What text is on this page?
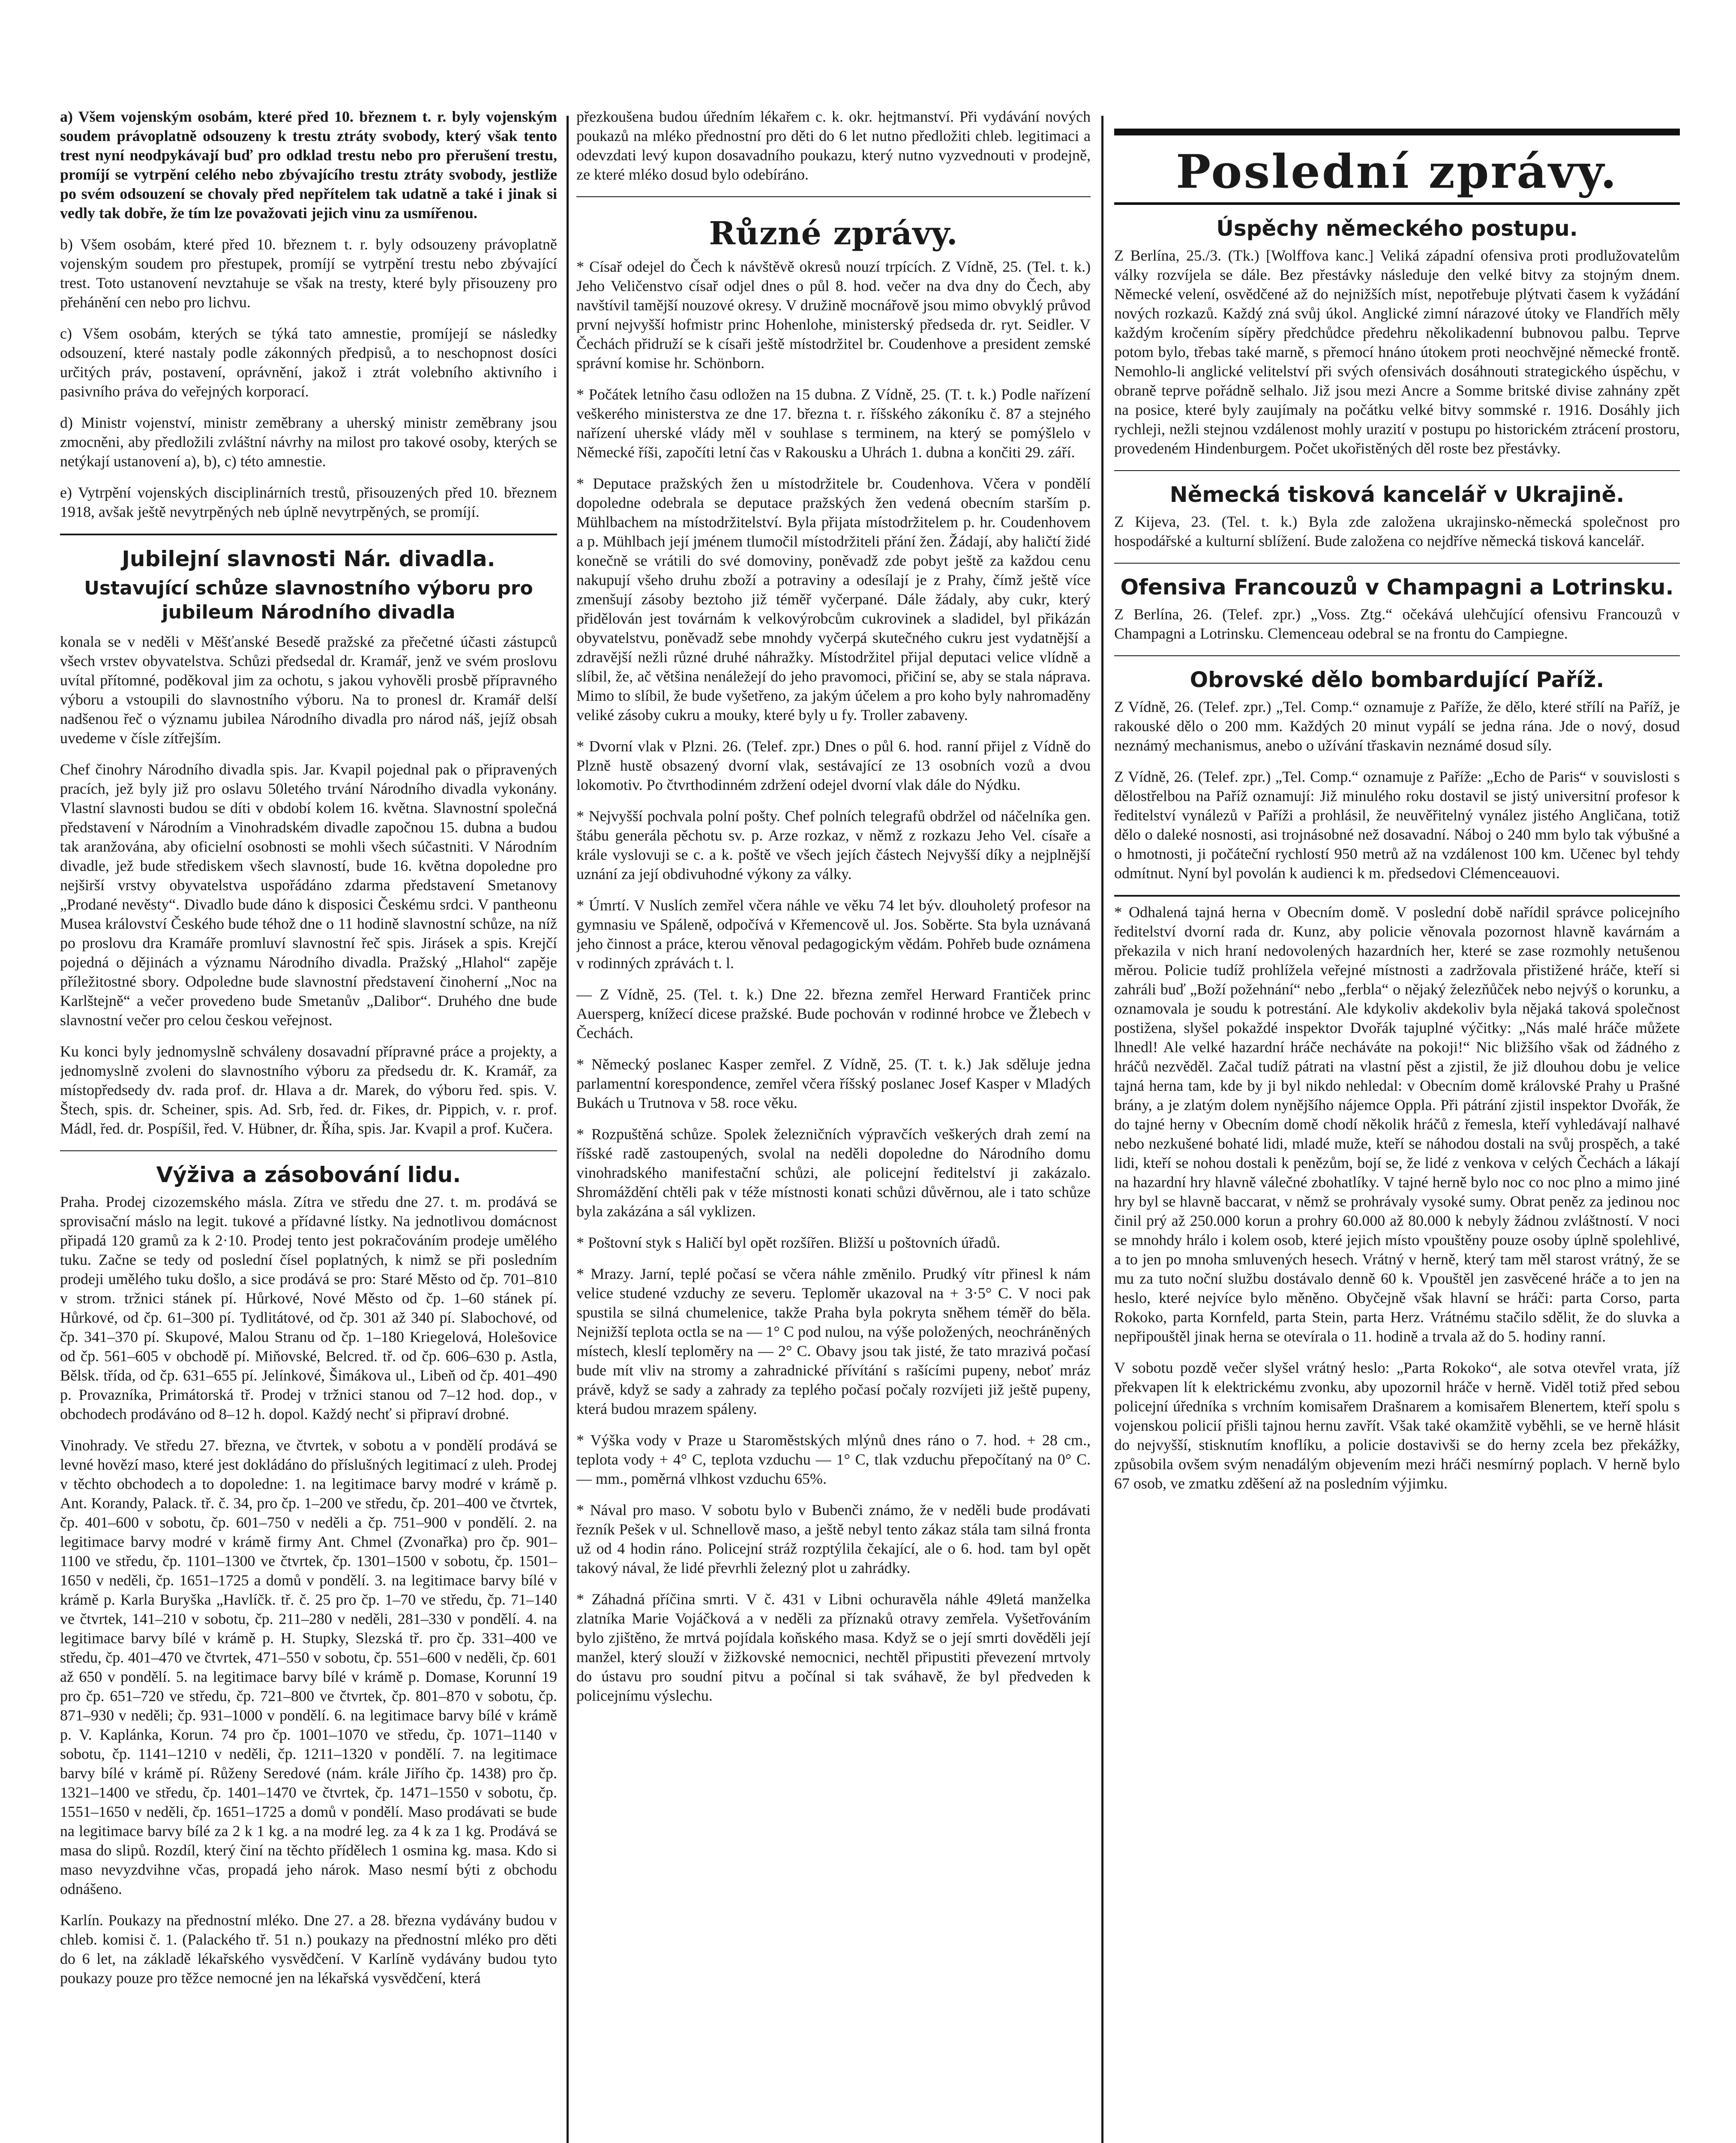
a) Všem vojenským osobám, které před 10. březnem t. r. byly vojenským soudem právoplatně odsouzeny k trestu ztráty svobody, který však tento trest nyní neodpykávají buď pro odklad trestu nebo pro přerušení trestu, promíjí se vytrpění celého nebo zbývajícího trestu ztráty svobody, jestliže po svém odsouzení se chovaly před nepřítelem tak udatně a také i jinak si vedly tak dobře, že tím lze považovati jejich vinu za usmířenou.

b) Všem osobám, které před 10. březnem t. r. byly odsouzeny právoplatně vojenským soudem pro přestupek, promíjí se vytrpění trestu nebo zbývající trest. Toto ustanovení nevztahuje se však na tresty, které byly přisouzeny pro přehánění cen nebo pro lichvu.

c) Všem osobám, kterých se týká tato amnestie, promíjejí se následky odsouzení, které nastaly podle zákonných předpisů, a to neschopnost dosíci určitých práv, postavení, oprávnění, jakož i ztrát volebního aktivního i pasivního práva do veřejných korporací.

d) Ministr vojenství, ministr zeměbrany a uherský ministr zeměbrany jsou zmocněni, aby předložili zvláštní návrhy na milost pro takové osoby, kterých se netýkají ustanovení a), b), c) této amnestie.

e) Vytrpění vojenských disciplinárních trestů, přisouzených před 10. březnem 1918, avšak ještě nevytrpěných neb úplně nevytrpěných, se promíjí.

Jubilejní slavnosti Nár. divadla.
Ustavující schůze slavnostního výboru pro jubileum Národního divadla

konala se v neděli v Měšťanské Besedě pražské za přečetné účasti zástupců všech vrstev obyvatelstva. Schůzi předsedal dr. Kramář, jenž ve svém proslovu uvítal přítomné, poděkoval jim za ochotu, s jakou vyhověli prosbě přípravného výboru a vstoupili do slavnostního výboru. Na to pronesl dr. Kramář delší nadšenou řeč o významu jubilea Národního divadla pro národ náš, jejíž obsah uvedeme v čísle zítřejším.

Chef činohry Národního divadla spis. Jar. Kvapil pojednal pak o připravených pracích, jež byly již pro oslavu 50letého trvání Národního divadla vykonány. Vlastní slavnosti budou se díti v období kolem 16. května. Slavnostní společná představení v Národním a Vinohradském divadle započnou 15. dubna a budou tak aranžována, aby oficielní osobnosti se mohli všech súčastniti. V Národním divadle, jež bude střediskem všech slavností, bude 16. května dopoledne pro nejširší vrstvy obyvatelstva uspořádáno zdarma představení Smetanovy „Prodané nevěsty“. Divadlo bude dáno k disposici Českému srdci. V pantheonu Musea království Českého bude téhož dne o 11 hodině slavnostní schůze, na níž po proslovu dra Kramáře promluví slavnostní řeč spis. Jirásek a spis. Krejčí pojedná o dějinách a významu Národního divadla. Pražský „Hlahol“ zapěje příležitostné sbory. Odpoledne bude slavnostní představení činoherní „Noc na Karlštejně“ a večer provedeno bude Smetanův „Dalibor“. Druhého dne bude slavnostní večer pro celou českou veřejnost.

Ku konci byly jednomyslně schváleny dosavadní přípravné práce a projekty, a jednomyslně zvoleni do slavnostního výboru za předsedu dr. K. Kramář, za místopředsedy dv. rada prof. dr. Hlava a dr. Marek, do výboru řed. spis. V. Štech, spis. dr. Scheiner, spis. Ad. Srb, řed. dr. Fikes, dr. Pippich, v. r. prof. Mádl, řed. dr. Pospíšil, řed. V. Hübner, dr. Říha, spis. Jar. Kvapil a prof. Kučera.

Výživa a zásobování lidu.

Praha. Prodej cizozemského másla. Zítra ve středu dne 27. t. m. prodává se sprovisační máslo na legit. tukové a přídavné lístky. Na jednotlivou domácnost připadá 120 gramů za k 2·10. Prodej tento jest pokračováním prodeje umělého tuku. Začne se tedy od poslední čísel poplatných, k nimž se při posledním prodeji umělého tuku došlo, a sice prodává se pro: Staré Město od čp. 701–810 v strom. tržnici stánek pí. Hůrkové, Nové Město od čp. 1–60 stánek pí. Hůrkové, od čp. 61–300 pí. Tydlitátové, od čp. 301 až 340 pí. Slabochové, od čp. 341–370 pí. Skupové, Malou Stranu od čp. 1–180 Kriegelová, Holešovice od čp. 561–605 v obchodě pí. Miňovské, Belcred. tř. od čp. 606–630 p. Astla, Bělsk. třída, od čp. 631–655 pí. Jelínkové, Šimákova ul., Libeň od čp. 401–490 p. Provazníka, Primátorská tř. Prodej v tržnici stanou od 7–12 hod. dop., v obchodech prodáváno od 8–12 h. dopol. Každý nechť si připraví drobné.

Vinohrady. Ve středu 27. března, ve čtvrtek, v sobotu a v pondělí prodává se levné hovězí maso, které jest dokládáno do příslušných legitimací z uleh. Prodej v těchto obchodech a to dopoledne: 1. na legitimace barvy modré v krámě p. Ant. Korandy, Palack. tř. č. 34, pro čp. 1–200 ve středu, čp. 201–400 ve čtvrtek, čp. 401–600 v sobotu, čp. 601–750 v neděli a čp. 751–900 v pondělí. 2. na legitimace barvy modré v krámě firmy Ant. Chmel (Zvonařka) pro čp. 901–1100 ve středu, čp. 1101–1300 ve čtvrtek, čp. 1301–1500 v sobotu, čp. 1501–1650 v neděli, čp. 1651–1725 a domů v pondělí. 3. na legitimace barvy bílé v krámě p. Karla Buryška „Havlíčk. tř. č. 25 pro čp. 1–70 ve středu, čp. 71–140 ve čtvrtek, 141–210 v sobotu, čp. 211–280 v neděli, 281–330 v pondělí. 4. na legitimace barvy bílé v krámě p. H. Stupky, Slezská tř. pro čp. 331–400 ve středu, čp. 401–470 ve čtvrtek, 471–550 v sobotu, čp. 551–600 v neděli, čp. 601 až 650 v pondělí. 5. na legitimace barvy bílé v krámě p. Domase, Korunní 19 pro čp. 651–720 ve středu, čp. 721–800 ve čtvrtek, čp. 801–870 v sobotu, čp. 871–930 v neděli; čp. 931–1000 v pondělí. 6. na legitimace barvy bílé v krámě p. V. Kaplánka, Korun. 74 pro čp. 1001–1070 ve středu, čp. 1071–1140 v sobotu, čp. 1141–1210 v neděli, čp. 1211–1320 v pondělí. 7. na legitimace barvy bílé v krámě pí. Růženy Seredové (nám. krále Jiřího čp. 1438) pro čp. 1321–1400 ve středu, čp. 1401–1470 ve čtvrtek, čp. 1471–1550 v sobotu, čp. 1551–1650 v neděli, čp. 1651–1725 a domů v pondělí. Maso prodávati se bude na legitimace barvy bílé za 2 k 1 kg. a na modré leg. za 4 k za 1 kg. Prodává se masa do slipů. Rozdíl, který činí na těchto přídělech 1 osmina kg. masa. Kdo si maso nevyzdvihne včas, propadá jeho nárok. Maso nesmí býti z obchodu odnášeno.

Karlín. Poukazy na přednostní mléko. Dne 27. a 28. března vydávány budou v chleb. komisi č. 1. (Palackého tř. 51 n.) poukazy na přednostní mléko pro děti do 6 let, na základě lékařského vysvědčení. V Karlíně vydávány budou tyto poukazy pouze pro těžce nemocné jen na lékařská vysvědčení, která

přezkoušena budou úředním lékařem c. k. okr. hejtmanství. Při vydávání nových poukazů na mléko přednostní pro děti do 6 let nutno předložiti chleb. legitimaci a odevzdati levý kupon dosavadního poukazu, který nutno vyzvednouti v prodejně, ze které mléko dosud bylo odebíráno.

Různé zprávy.

* Císař odejel do Čech k návštěvě okresů nouzí trpících. Z Vídně, 25. (Tel. t. k.) Jeho Veličenstvo císař odjel dnes o půl 8. hod. večer na dva dny do Čech, aby navštívil tamější nouzové okresy. V družině mocnářově jsou mimo obvyklý průvod první nejvyšší hofmistr princ Hohenlohe, ministerský předseda dr. ryt. Seidler. V Čechách přidruží se k císaři ještě místodržitel br. Coudenhove a president zemské správní komise hr. Schönborn.

* Počátek letního času odložen na 15 dubna. Z Vídně, 25. (T. t. k.) Podle nařízení veškerého ministerstva ze dne 17. března t. r. říšského zákoníku č. 87 a stejného nařízení uherské vlády měl v souhlase s terminem, na který se pomýšlelo v Německé říši, započíti letní čas v Rakousku a Uhrách 1. dubna a končiti 29. září.

* Deputace pražských žen u místodržitele br. Coudenhova. Včera v pondělí dopoledne odebrala se deputace pražských žen vedená obecním starším p. Mühlbachem na místodržitelství. Byla přijata místodržitelem p. hr. Coudenhovem a p. Mühlbach její jménem tlumočil místodržiteli přání žen. Žádají, aby haličtí židé konečně se vrátili do své domoviny, poněvadž zde pobyt ještě za každou cenu nakupují všeho druhu zboží a potraviny a odesílají je z Prahy, čímž ještě více zmenšují zásoby beztoho již téměř vyčerpané. Dále žádaly, aby cukr, který přidělován jest továrnám k velkovýrobcům cukrovinek a sladidel, byl přikázán obyvatelstvu, poněvadž sebe mnohdy vyčerpá skutečného cukru jest vydatnější a zdravější nežli různé druhé náhražky. Místodržitel přijal deputaci velice vlídně a slíbil, že, ač většina nenáležejí do jeho pravomoci, přičiní se, aby se stala náprava. Mimo to slíbil, že bude vyšetřeno, za jakým účelem a pro koho byly nahromaděny veliké zásoby cukru a mouky, které byly u fy. Troller zabaveny.

* Dvorní vlak v Plzni. 26. (Telef. zpr.) Dnes o půl 6. hod. ranní přijel z Vídně do Plzně hustě obsazený dvorní vlak, sestávající ze 13 osobních vozů a dvou lokomotiv. Po čtvrthodinném zdržení odejel dvorní vlak dále do Nýdku.

* Nejvyšší pochvala polní pošty. Chef polních telegrafů obdržel od náčelníka gen. štábu generála pěchotu sv. p. Arze rozkaz, v němž z rozkazu Jeho Vel. císaře a krále vyslovuji se c. a k. poště ve všech jejích částech Nejvyšší díky a nejplnější uznání za její obdivuhodné výkony za války.

* Úmrtí. V Nuslích zemřel včera náhle ve věku 74 let býv. dlouholetý profesor na gymnasiu ve Spáleně, odpočívá v Křemencově ul. Jos. Soběrte. Sta byla uznávaná jeho činnost a práce, kterou věnoval pedagogickým vědám. Pohřeb bude oznámena v rodinných zprávách t. l.

— Z Vídně, 25. (Tel. t. k.) Dne 22. března zemřel Herward Frantiček princ Auersperg, knížecí dicese pražské. Bude pochován v rodinné hrobce ve Žlebech v Čechách.

* Německý poslanec Kasper zemřel. Z Vídně, 25. (T. t. k.) Jak sděluje jedna parlamentní korespondence, zemřel včera říšský poslanec Josef Kasper v Mladých Bukách u Trutnova v 58. roce věku.

* Rozpuštěná schůze. Spolek železničních výpravčích veškerých drah zemí na říšské radě zastoupených, svolal na neděli dopoledne do Národního domu vinohradského manifestační schůzi, ale policejní ředitelství ji zakázalo. Shromáždění chtěli pak v téže místnosti konati schůzi důvěrnou, ale i tato schůze byla zakázána a sál vyklizen.

* Poštovní styk s Haličí byl opět rozšířen. Bližší u poštovních úřadů.

* Mrazy. Jarní, teplé počasí se včera náhle změnilo. Prudký vítr přinesl k nám velice studené vzduchy ze severu. Teploměr ukazoval na + 3·5° C. V noci pak spustila se silná chumelenice, takže Praha byla pokryta sněhem téměř do běla. Nejnižší teplota octla se na — 1° C pod nulou, na výše položených, neochráněných místech, kleslí teploměry na — 2° C. Obavy jsou tak jisté, že tato mrazivá počasí bude mít vliv na stromy a zahradnické přívítání s rašícími pupeny, neboť mráz právě, když se sady a zahrady za teplého počasí počaly rozvíjeti již ještě pupeny, která budou mrazem spáleny.

* Výška vody v Praze u Staroměstských mlýnů dnes ráno o 7. hod. + 28 cm., teplota vody + 4° C, teplota vzduchu — 1° C, tlak vzduchu přepočítaný na 0° C. — mm., poměrná vlhkost vzduchu 65%.

* Nával pro maso. V sobotu bylo v Bubenči známo, že v neděli bude prodávati řezník Pešek v ul. Schnellově maso, a ještě nebyl tento zákaz stála tam silná fronta už od 4 hodin ráno. Policejní stráž rozptýlila čekající, ale o 6. hod. tam byl opět takový nával, že lidé převrhli železný plot u zahrádky.

* Záhadná příčina smrti. V č. 431 v Libni ochuravěla náhle 49letá manželka zlatníka Marie Vojáčková a v neděli za příznaků otravy zemřela. Vyšetřováním bylo zjištěno, že mrtvá pojídala koňského masa. Když se o její smrti dověděli její manžel, který slouží v žižkovské nemocnici, nechtěl připustiti převezení mrtvoly do ústavu pro soudní pitvu a počínal si tak sváhavě, že byl předveden k policejnímu výslechu.

Poslední zprávy.
Úspěchy německého postupu.

Z Berlína, 25./3. (Tk.) [Wolffova kanc.] Veliká západní ofensiva proti prodlužovatelům války rozvíjela se dále. Bez přestávky následuje den velké bitvy za stojným dnem. Německé velení, osvědčené až do nejnižších míst, nepotřebuje plýtvati časem k vyžádání nových rozkazů. Každý zná svůj úkol. Anglické zimní nárazové útoky ve Flandřích měly každým kročením sípěry předchůdce předehru několikadenní bubnovou palbu. Teprve potom bylo, třebas také marně, s přemocí hnáno útokem proti neochvějné německé frontě. Nemohlo-li anglické velitelství při svých ofensivách dosáhnouti strategického úspěchu, v obraně teprve pořádně selhalo. Již jsou mezi Ancre a Somme britské divise zahnány zpět na posice, které byly zaujímaly na počátku velké bitvy sommské r. 1916. Dosáhly jich rychleji, nežli stejnou vzdálenost mohly urazití v postupu po historickém ztrácení prostoru, provedeném Hindenburgem. Počet ukořistěných děl roste bez přestávky.

Německá tisková kancelář v Ukrajině.

Z Kijeva, 23. (Tel. t. k.) Byla zde založena ukrajinsko-německá společnost pro hospodářské a kulturní sblížení. Bude založena co nejdříve německá tisková kancelář.

Ofensiva Francouzů v Champagni a Lotrinsku.

Z Berlína, 26. (Telef. zpr.) „Voss. Ztg.“ očekává ulehčující ofensivu Francouzů v Champagni a Lotrinsku. Clemenceau odebral se na frontu do Campiegne.

Obrovské dělo bombardující Paříž.

Z Vídně, 26. (Telef. zpr.) „Tel. Comp.“ oznamuje z Paříže, že dělo, které střílí na Paříž, je rakouské dělo o 200 mm. Každých 20 minut vypálí se jedna rána. Jde o nový, dosud neznámý mechanismus, anebo o užívání třaskavin neznámé dosud síly.

Z Vídně, 26. (Telef. zpr.) „Tel. Comp.“ oznamuje z Paříže: „Echo de Paris“ v souvislosti s dělostřelbou na Paříž oznamují: Již minulého roku dostavil se jistý universitní profesor k ředitelství vynálezů v Paříži a prohlásil, že neuvěřitelný vynález jistého Angličana, totiž dělo o daleké nosnosti, asi trojnásobné než dosavadní. Náboj o 240 mm bylo tak výbušné a o hmotnosti, ji počáteční rychlostí 950 metrů až na vzdálenost 100 km. Učenec byl tehdy odmítnut. Nyní byl povolán k audienci k m. předsedovi Clémenceauovi.

* Odhalená tajná herna v Obecním domě. V poslední době nařídil správce policejního ředitelství dvorní rada dr. Kunz, aby policie věnovala pozornost hlavně kavárnám a překazila v nich hraní nedovolených hazardních her, které se zase rozmohly netušenou měrou. Policie tudíž prohlížela veřejné místnosti a zadržovala přistižené hráče, kteří si zahráli buď „Boží požehnání“ nebo „ferbla“ o nějaký železňůček nebo nejvýš o korunku, a oznamovala je soudu k potrestání. Ale kdykoliv akdekoliv byla nějaká taková společnost postižena, slyšel pokaždé inspektor Dvořák tajuplné výčitky: „Nás malé hráče můžete lhnedl! Ale velké hazardní hráče necháváte na pokoji!“ Nic bližšího však od žádného z hráčů nezvěděl. Začal tudíž pátrati na vlastní pěst a zjistil, že již dlouhou dobu je velice tajná herna tam, kde by ji byl nikdo nehledal: v Obecním domě královské Prahy u Prašné brány, a je zlatým dolem nynějšího nájemce Oppla. Při pátrání zjistil inspektor Dvořák, že do tajné herny v Obecním domě chodí několik hráčů z řemesla, kteří vyhledávají nalhavé nebo nezkušené bohaté lidi, mladé muže, kteří se náhodou dostali na svůj prospěch, a také lidi, kteří se nohou dostali k penězům, bojí se, že lidé z venkova v celých Čechách a lákají na hazardní hry hlavně válečné zbohatlíky. V tajné herně bylo noc co noc plno a mimo jiné hry byl se hlavně baccarat, v němž se prohrávaly vysoké sumy. Obrat peněz za jedinou noc činil prý až 250.000 korun a prohry 60.000 až 80.000 k nebyly žádnou zvláštností. V noci se mnohdy hrálo i kolem osob, které jejich místo vpouštěny pouze osoby úplně spolehlivé, a to jen po mnoha smluvených hesech. Vrátný v herně, který tam měl starost vrátný, že se mu za tuto noční službu dostávalo denně 60 k. Vpouštěl jen zasvěcené hráče a to jen na heslo, které nejvíce bylo měněno. Obyčejně však hlavní se hráči: parta Corso, parta Rokoko, parta Kornfeld, parta Stein, parta Herz. Vrátnému stačilo sdělit, že do sluvka a nepřipouštěl jinak herna se otevírala o 11. hodině a trvala až do 5. hodiny ranní.

V sobotu pozdě večer slyšel vrátný heslo: „Parta Rokoko“, ale sotva otevřel vrata, jíž překvapen lít k elektrickému zvonku, aby upozornil hráče v herně. Viděl totiž před sebou policejní úředníka s vrchním komisařem Drašnarem a komisařem Blenertem, kteří spolu s vojenskou policií přišli tajnou hernu zavřít. Však také okamžitě vyběhli, se ve herně hlásit do nejvyšší, stisknutím knoflíku, a policie dostavivši se do herny zcela bez překážky, způsobila ovšem svým nenadálým objevením mezi hráči nesmírný poplach. V herně bylo 67 osob, ve zmatku zděšení až na posledním výjimku.
